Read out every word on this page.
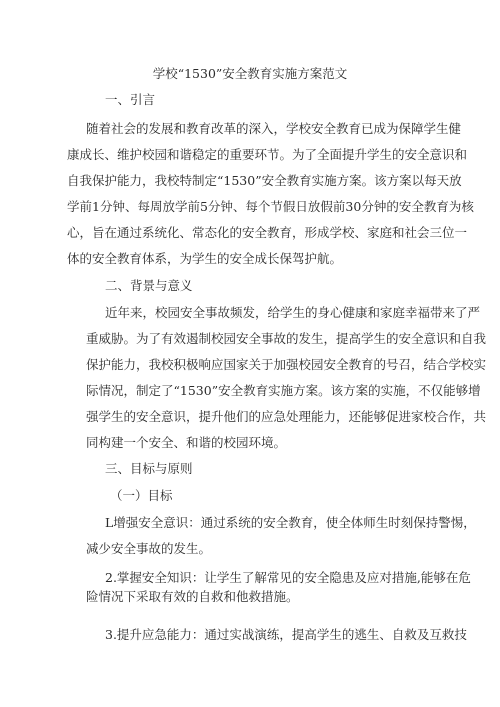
学校“1530”安全教育实施方案范文
一、引言
随着社会的发展和教育改革的深入，学校安全教育已成为保障学生健
康成长、维护校园和谐稳定的重要环节。为了全面提升学生的安全意识和
自我保护能力，我校特制定“1530”安全教育实施方案。该方案以每天放
学前1分钟、每周放学前5分钟、每个节假日放假前30分钟的安全教育为核
心，旨在通过系统化、常态化的安全教育，形成学校、家庭和社会三位一
体的安全教育体系，为学生的安全成长保驾护航。
二、背景与意义
近年来，校园安全事故频发，给学生的身心健康和家庭幸福带来了严
重威胁。为了有效遏制校园安全事故的发生，提高学生的安全意识和自我
保护能力，我校积极响应国家关于加强校园安全教育的号召，结合学校实
际情况，制定了“1530”安全教育实施方案。该方案的实施，不仅能够增
强学生的安全意识，提升他们的应急处理能力，还能够促进家校合作，共
同构建一个安全、和谐的校园环境。
三、目标与原则
（一）目标
L增强安全意识：通过系统的安全教育，使全体师生时刻保持警惕，
减少安全事故的发生。
2.掌握安全知识：让学生了解常见的安全隐患及应对措施,能够在危
险情况下采取有效的自救和他救措施。
3.提升应急能力：通过实战演练，提高学生的逃生、自救及互救技
